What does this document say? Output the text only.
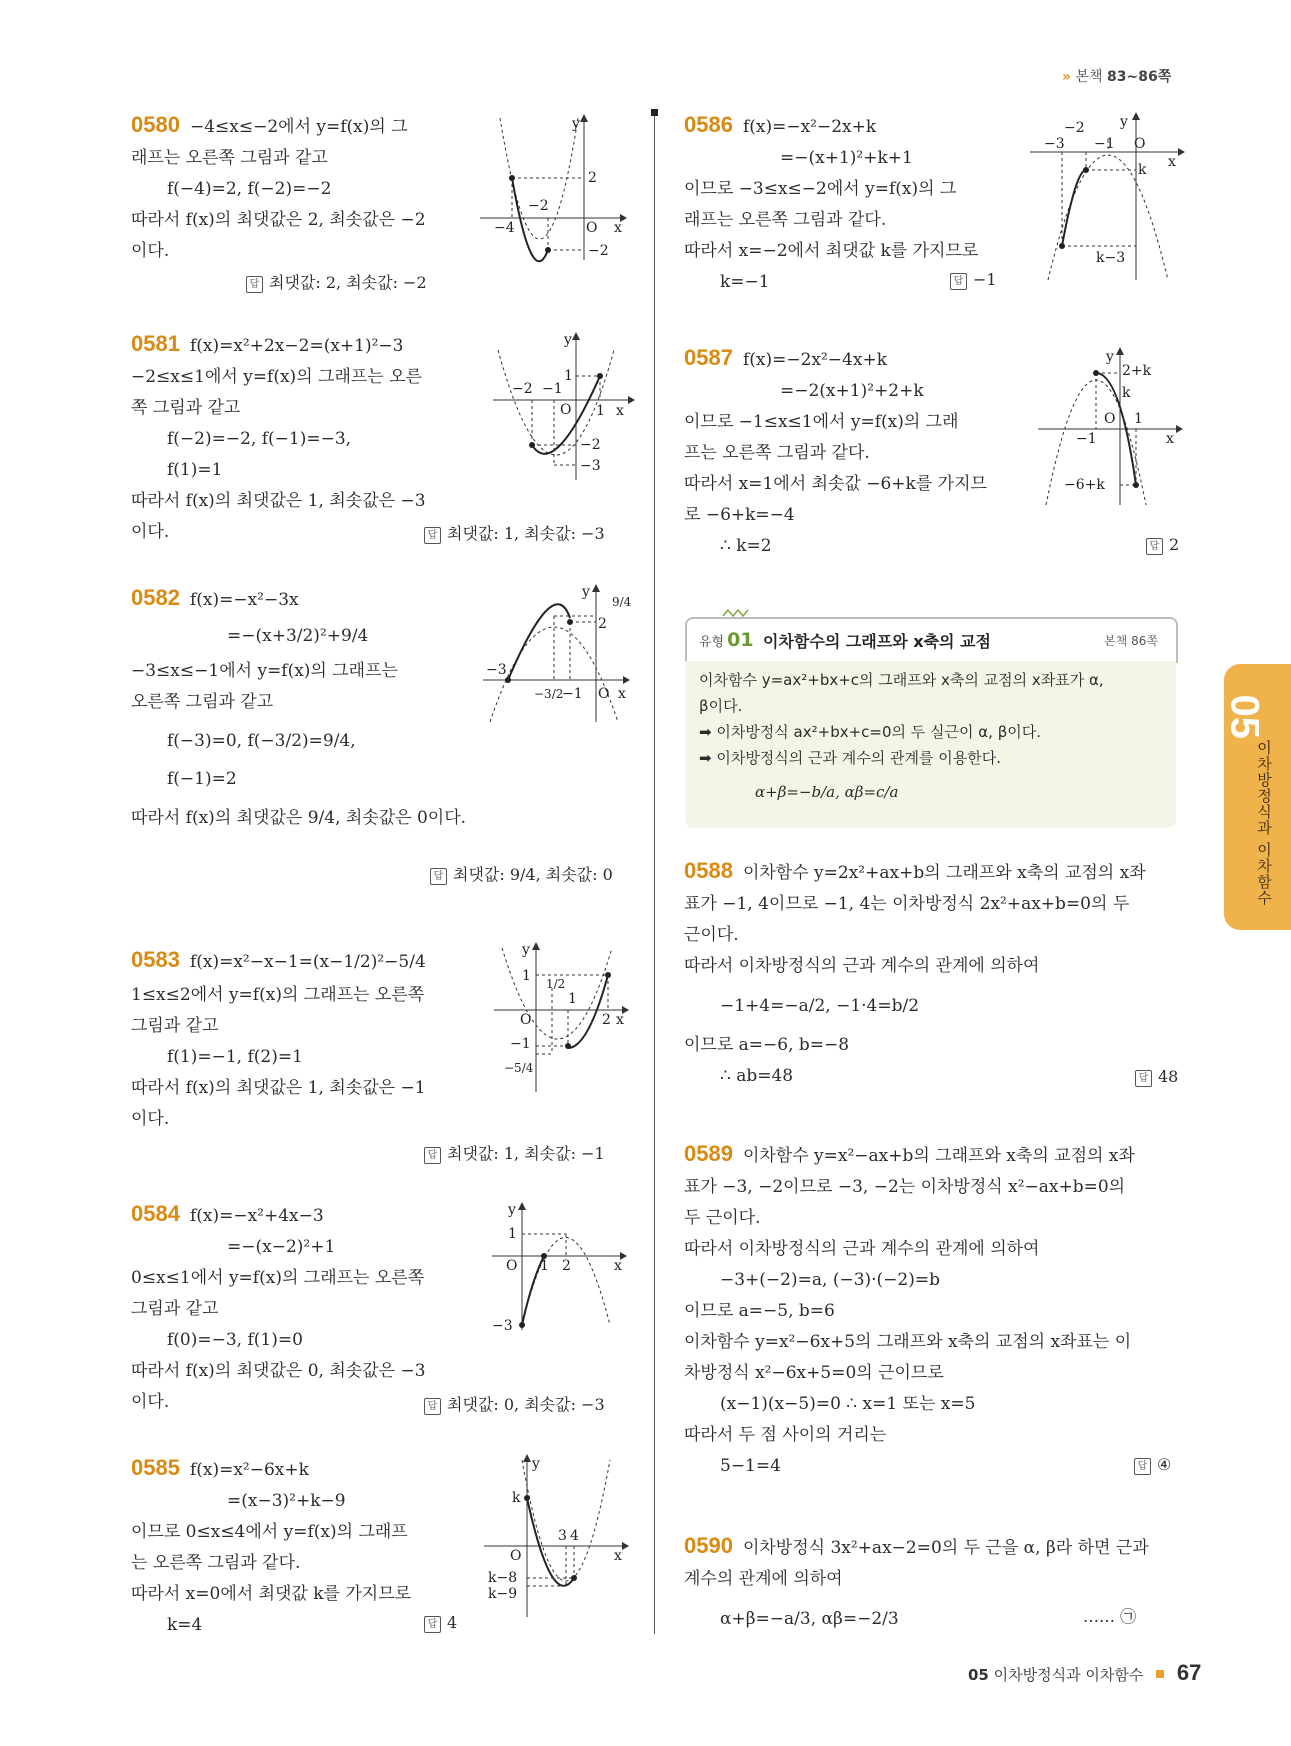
» 본책 83~86쪽
0580 −4≤x≤−2에서 y=f(x)의 그
래프는 오른쪽 그림과 같고
f(−4)=2, f(−2)=−2
따라서 f(x)의 최댓값은 2, 최솟값은 −2
이다.
답 최댓값: 2, 최솟값: −2
y
2
−2
−4	O x
−2
0581 f(x)=x²+2x−2=(x+1)²−3
−2≤x≤1에서 y=f(x)의 그래프는 오른
쪽 그림과 같고
f(−2)=−2, f(−1)=−3,
f(1)=1
따라서 f(x)의 최댓값은 1, 최솟값은 −3
이다.	답 최댓값: 1, 최솟값: −3
y
1
−2 −1
O 1 x
−2
−3
0582 f(x)=−x²−3x
=−(x+3/2)²+9/4
−3≤x≤−1에서 y=f(x)의 그래프는
오른쪽 그림과 같고
f(−3)=0, f(−3/2)=9/4,
f(−1)=2
따라서 f(x)의 최댓값은 9/4, 최솟값은 0이다.
답 최댓값: 9/4, 최솟값: 0
y
9/4
2
−3
−3/2
−1 O x
0583 f(x)=x²−x−1=(x−1/2)²−5/4
1≤x≤2에서 y=f(x)의 그래프는 오른쪽
그림과 같고
f(1)=−1, f(2)=1
따라서 f(x)의 최댓값은 1, 최솟값은 −1
이다.
답 최댓값: 1, 최솟값: −1
y
1 1/2
1
O	2 x
−1
−5/4
0584 f(x)=−x²+4x−3
=−(x−2)²+1
0≤x≤1에서 y=f(x)의 그래프는 오른쪽
그림과 같고
f(0)=−3, f(1)=0
따라서 f(x)의 최댓값은 0, 최솟값은 −3
이다.	답 최댓값: 0, 최솟값: −3
y
1
O 1 2	x
−3
0585 f(x)=x²−6x+k
=(x−3)²+k−9
이므로 0≤x≤4에서 y=f(x)의 그래프
는 오른쪽 그림과 같다.
따라서 x=0에서 최댓값 k를 가지므로
k=4	답 4
y
k
3 4
O	x
k−8
k−9
0586 f(x)=−x²−2x+k
=−(x+1)²+k+1
이므로 −3≤x≤−2에서 y=f(x)의 그
래프는 오른쪽 그림과 같다.
따라서 x=−2에서 최댓값 k를 가지므로
k=−1	답 −1
y
−2
−3 −1 O
x
k
k−3
0587 f(x)=−2x²−4x+k
=−2(x+1)²+2+k
이므로 −1≤x≤1에서 y=f(x)의 그래
프는 오른쪽 그림과 같다.
따라서 x=1에서 최솟값 −6+k를 가지므
로 −6+k=−4
∴ k=2	답 2
y
2+k
k
O 1
−1	x
−6+k
유형 01 이차함수의 그래프와 x축의 교점	본책 86쪽
이차함수 y=ax²+bx+c의 그래프와 x축의 교점의 x좌표가 α,
β이다.
➡ 이차방정식 ax²+bx+c=0의 두 실근이 α, β이다.
➡ 이차방정식의 근과 계수의 관계를 이용한다.
α+β=−b/a, αβ=c/a
05
이차방정식과 이차함수
0588 이차함수 y=2x²+ax+b의 그래프와 x축의 교점의 x좌
표가 −1, 4이므로 −1, 4는 이차방정식 2x²+ax+b=0의 두
근이다.
따라서 이차방정식의 근과 계수의 관계에 의하여
−1+4=−a/2, −1·4=b/2
이므로 a=−6, b=−8
∴ ab=48	답 48
0589 이차함수 y=x²−ax+b의 그래프와 x축의 교점의 x좌
표가 −3, −2이므로 −3, −2는 이차방정식 x²−ax+b=0의
두 근이다.
따라서 이차방정식의 근과 계수의 관계에 의하여
−3+(−2)=a, (−3)·(−2)=b
이므로 a=−5, b=6
이차함수 y=x²−6x+5의 그래프와 x축의 교점의 x좌표는 이
차방정식 x²−6x+5=0의 근이므로
(x−1)(x−5)=0 ∴ x=1 또는 x=5
따라서 두 점 사이의 거리는
5−1=4	답 ④
0590 이차방정식 3x²+ax−2=0의 두 근을 α, β라 하면 근과
계수의 관계에 의하여
α+β=−a/3, αβ=−2/3	…… ㉠
05 이차방정식과 이차함수 67
